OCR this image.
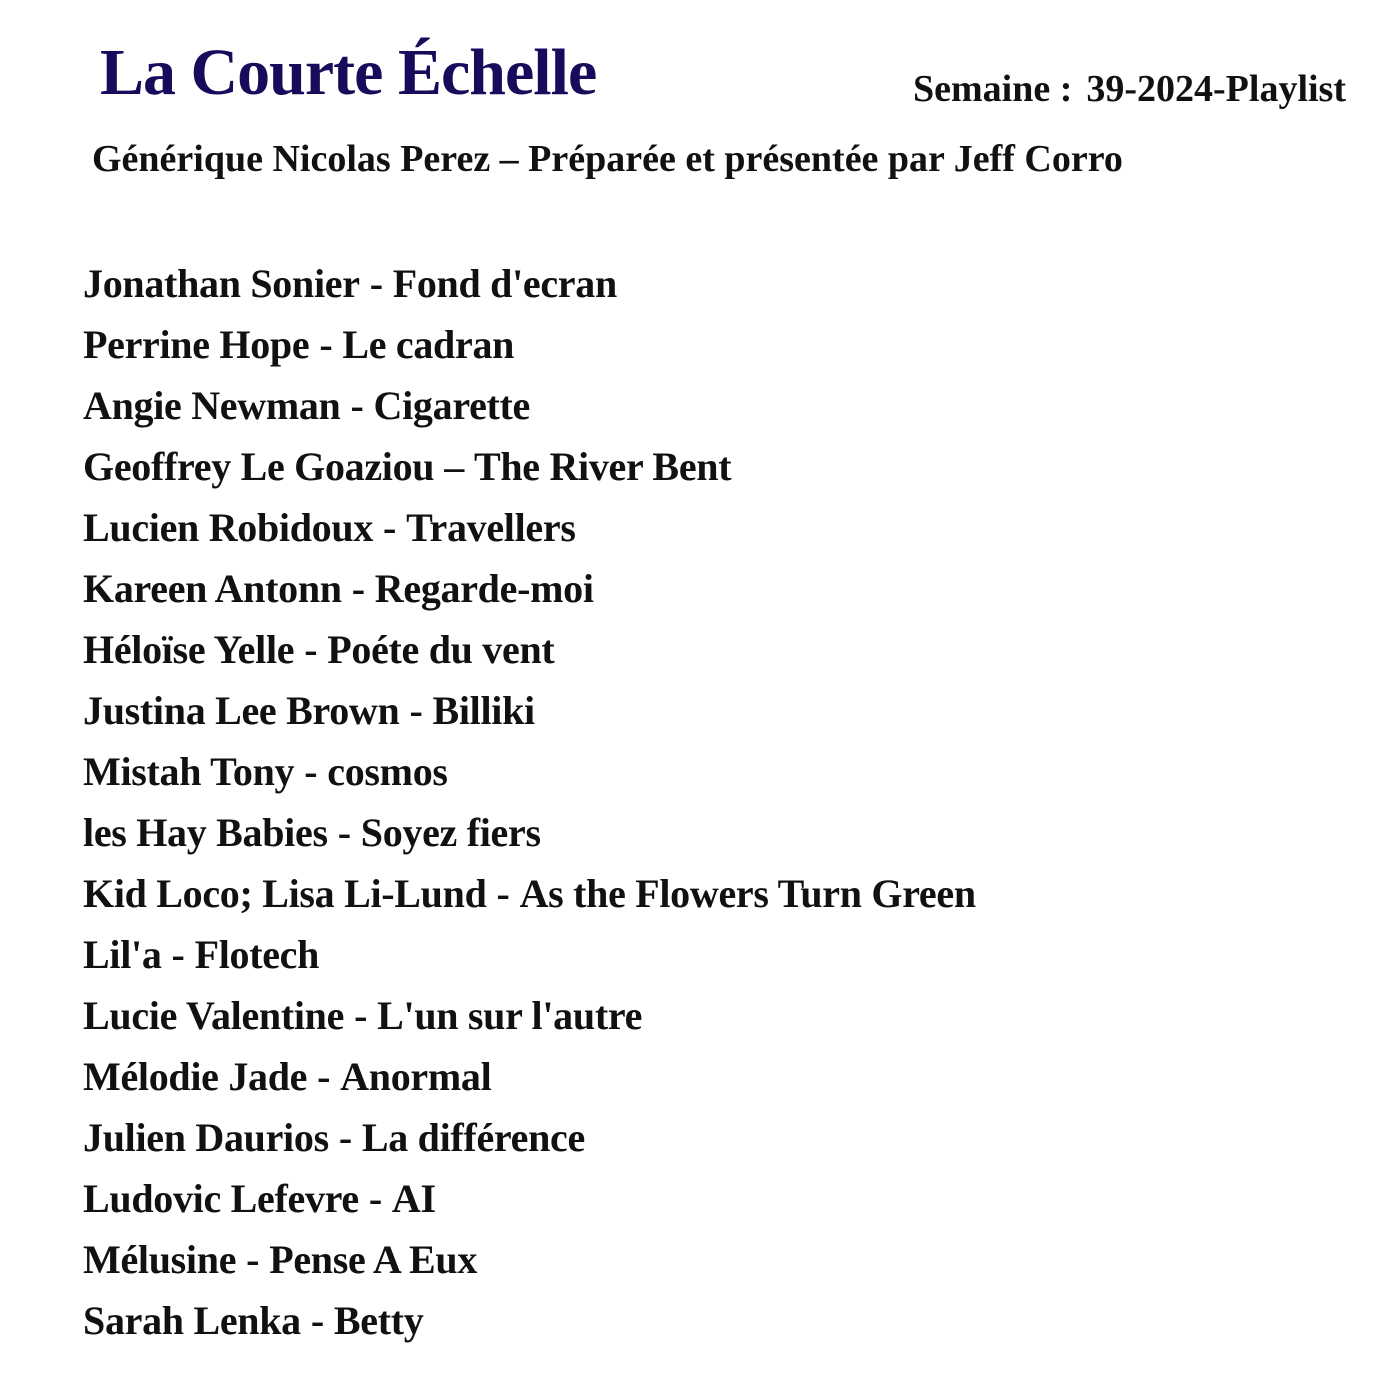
La Courte Échelle	Semaine : 39-2024-Playlist
Générique Nicolas Perez – Préparée et présentée par Jeff Corro
Jonathan Sonier - Fond d'ecran
Perrine Hope - Le cadran
Angie Newman - Cigarette
Geoffrey Le Goaziou – The River Bent
Lucien Robidoux - Travellers
Kareen Antonn - Regarde-moi
Héloïse Yelle - Poéte du vent
Justina Lee Brown - Billiki
Mistah Tony - cosmos
les Hay Babies - Soyez fiers
Kid Loco; Lisa Li-Lund - As the Flowers Turn Green
Lil'a - Flotech
Lucie Valentine - L'un sur l'autre
Mélodie Jade - Anormal
Julien Daurios - La différence
Ludovic Lefevre - AI
Mélusine - Pense A Eux
Sarah Lenka - Betty
